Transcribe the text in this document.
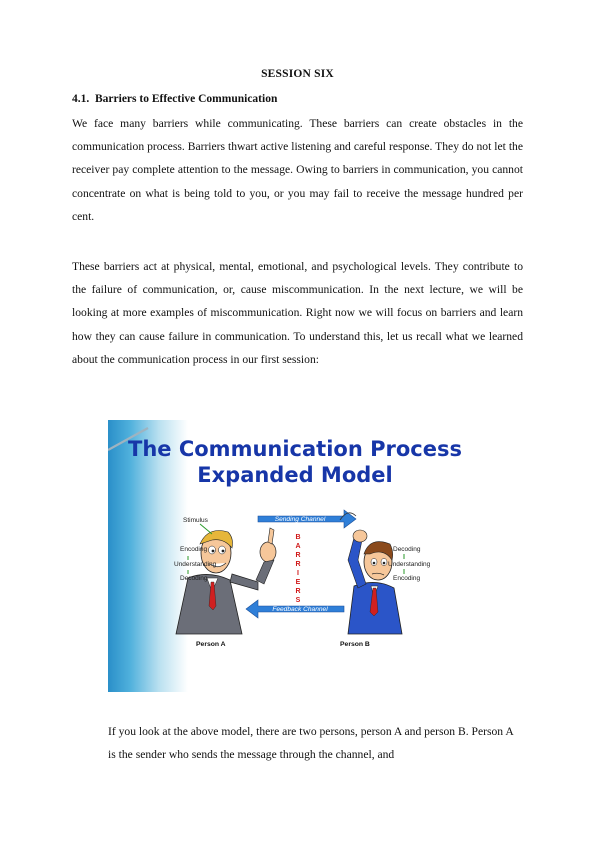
SESSION SIX
4.1. Barriers to Effective Communication

We face many barriers while communicating. These barriers can create obstacles in the communication process. Barriers thwart active listening and careful response. They do not let the receiver pay complete attention to the message. Owing to barriers in communication, you cannot concentrate on what is being told to you, or you may fail to receive the message hundred per cent.

These barriers act at physical, mental, emotional, and psychological levels. They contribute to the failure of communication, or, cause miscommunication. In the next lecture, we will be looking at more examples of miscommunication. Right now we will focus on barriers and learn how they can cause failure in communication. To understand this, let us recall what we learned about the communication process in our first session:

The Communication Process
Expanded Model
Sending Channel
Feedback Channel
B
A
R
R
I
E
R
S
Stimulus
Encoding
Understanding
Decoding
Decoding
Understanding
Encoding
Person A	Person B

If you look at the above model, there are two persons, person A and person B. Person A is the sender who sends the message through the channel, and
